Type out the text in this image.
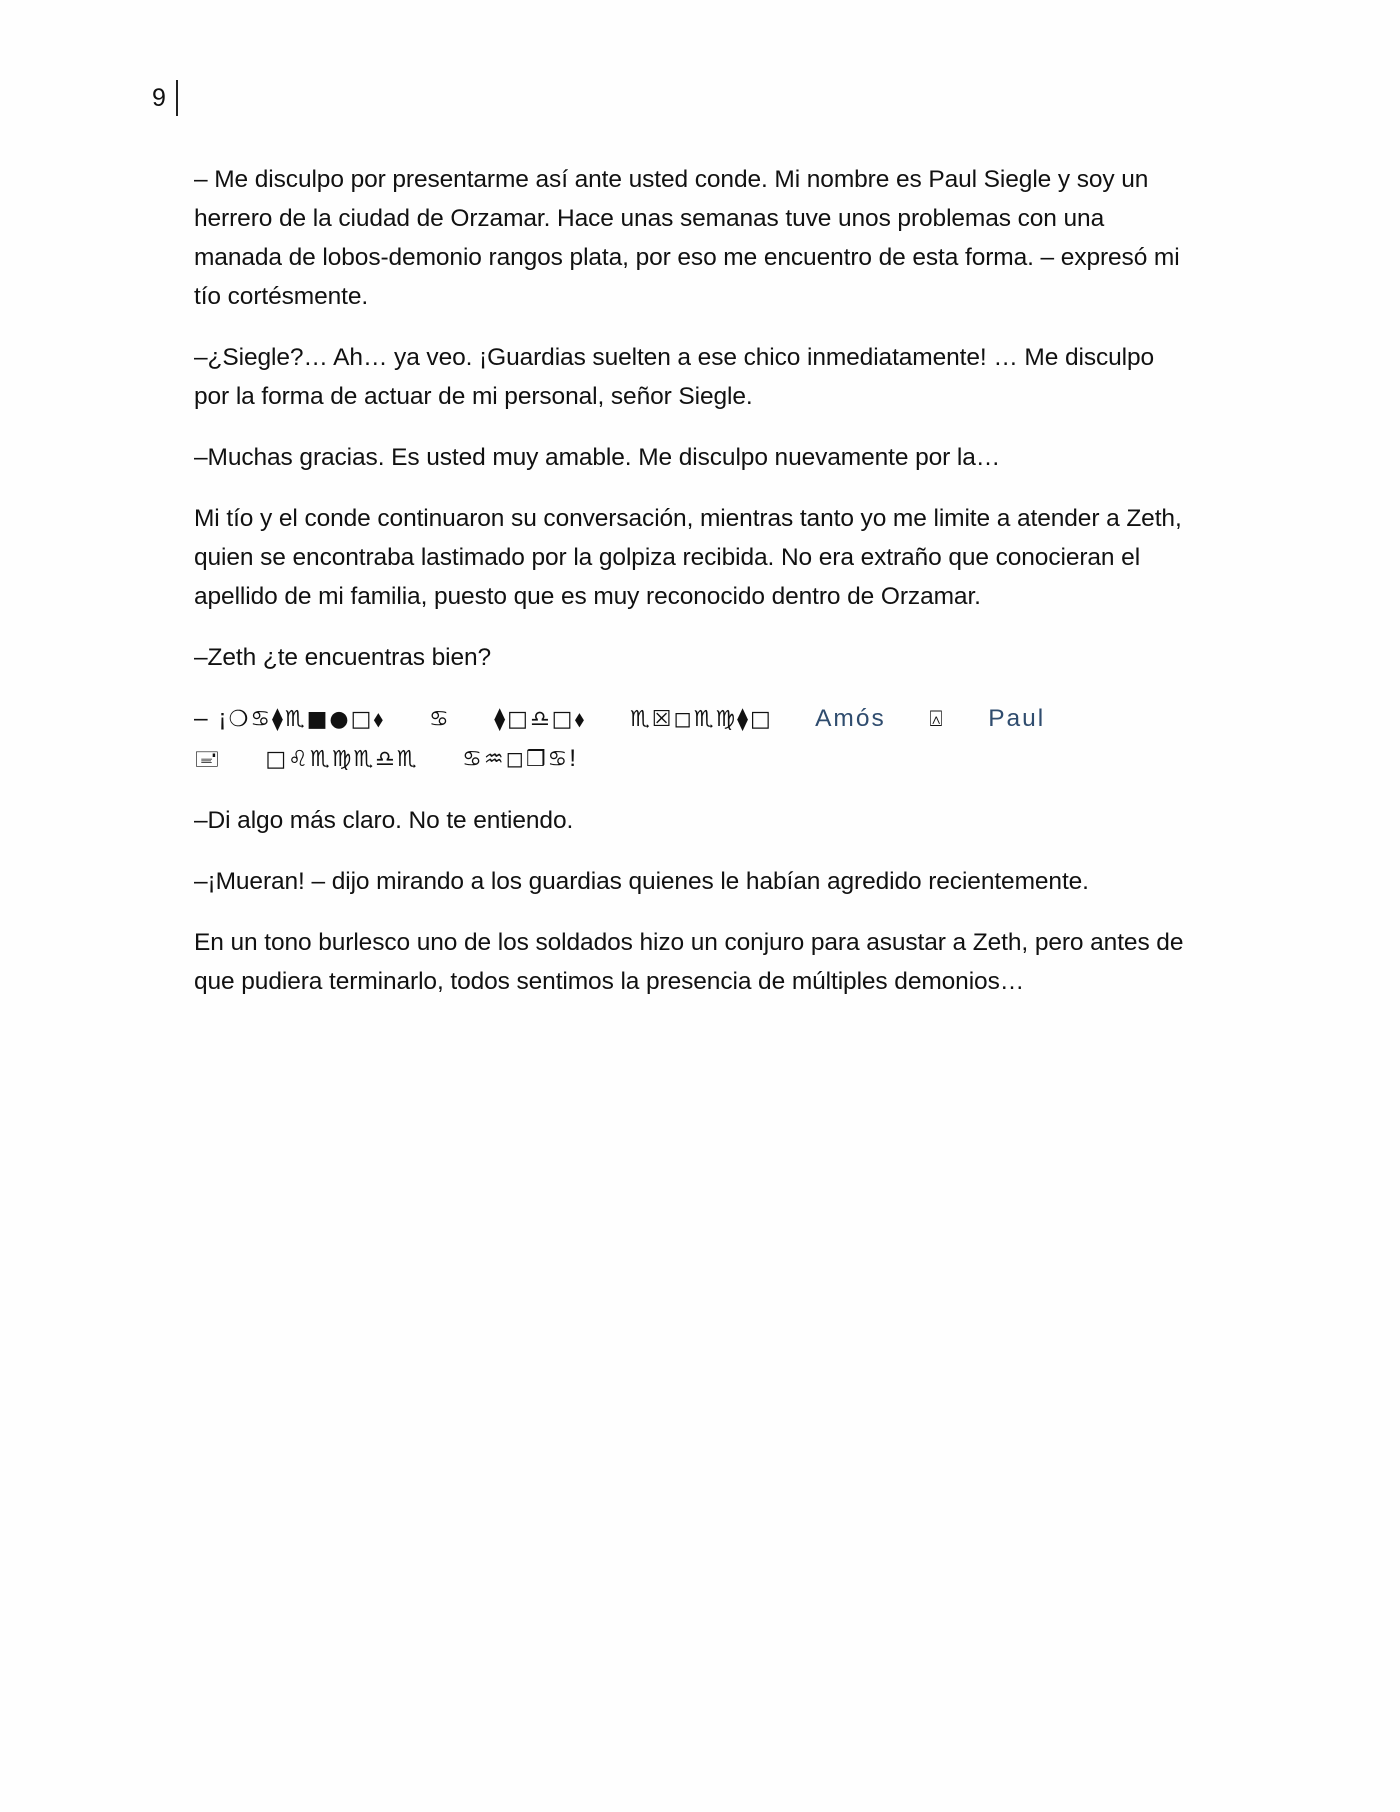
9

– Me disculpo por presentarme así ante usted conde. Mi nombre es Paul Siegle y soy un herrero de la ciudad de Orzamar. Hace unas semanas tuve unos problemas con una manada de lobos-demonio rangos plata, por eso me encuentro de esta forma. – expresó mi tío cortésmente.

–¿Siegle?… Ah… ya veo. ¡Guardias suelten a ese chico inmediatamente! … Me disculpo por la forma de actuar de mi personal, señor Siegle.

–Muchas gracias. Es usted muy amable. Me disculpo nuevamente por la…

Mi tío y el conde continuaron su conversación, mientras tanto yo me limite a atender a Zeth, quien se encontraba lastimado por la golpiza recibida. No era extraño que conocieran el apellido de mi familia, puesto que es muy reconocido dentro de Orzamar.

–Zeth ¿te encuentras bien?

– ¡❍♋⧫♏■●□⬧ ♋ ⧫□♎□⬧ ♏☒◻♏♍⧫□ Amós ⍓ Paul
🖃 □♌♏♍♏♎♏ ♋♒◻❒♋!

–Di algo más claro. No te entiendo.

–¡Mueran! – dijo mirando a los guardias quienes le habían agredido recientemente.

En un tono burlesco uno de los soldados hizo un conjuro para asustar a Zeth, pero antes de que pudiera terminarlo, todos sentimos la presencia de múltiples demonios…
